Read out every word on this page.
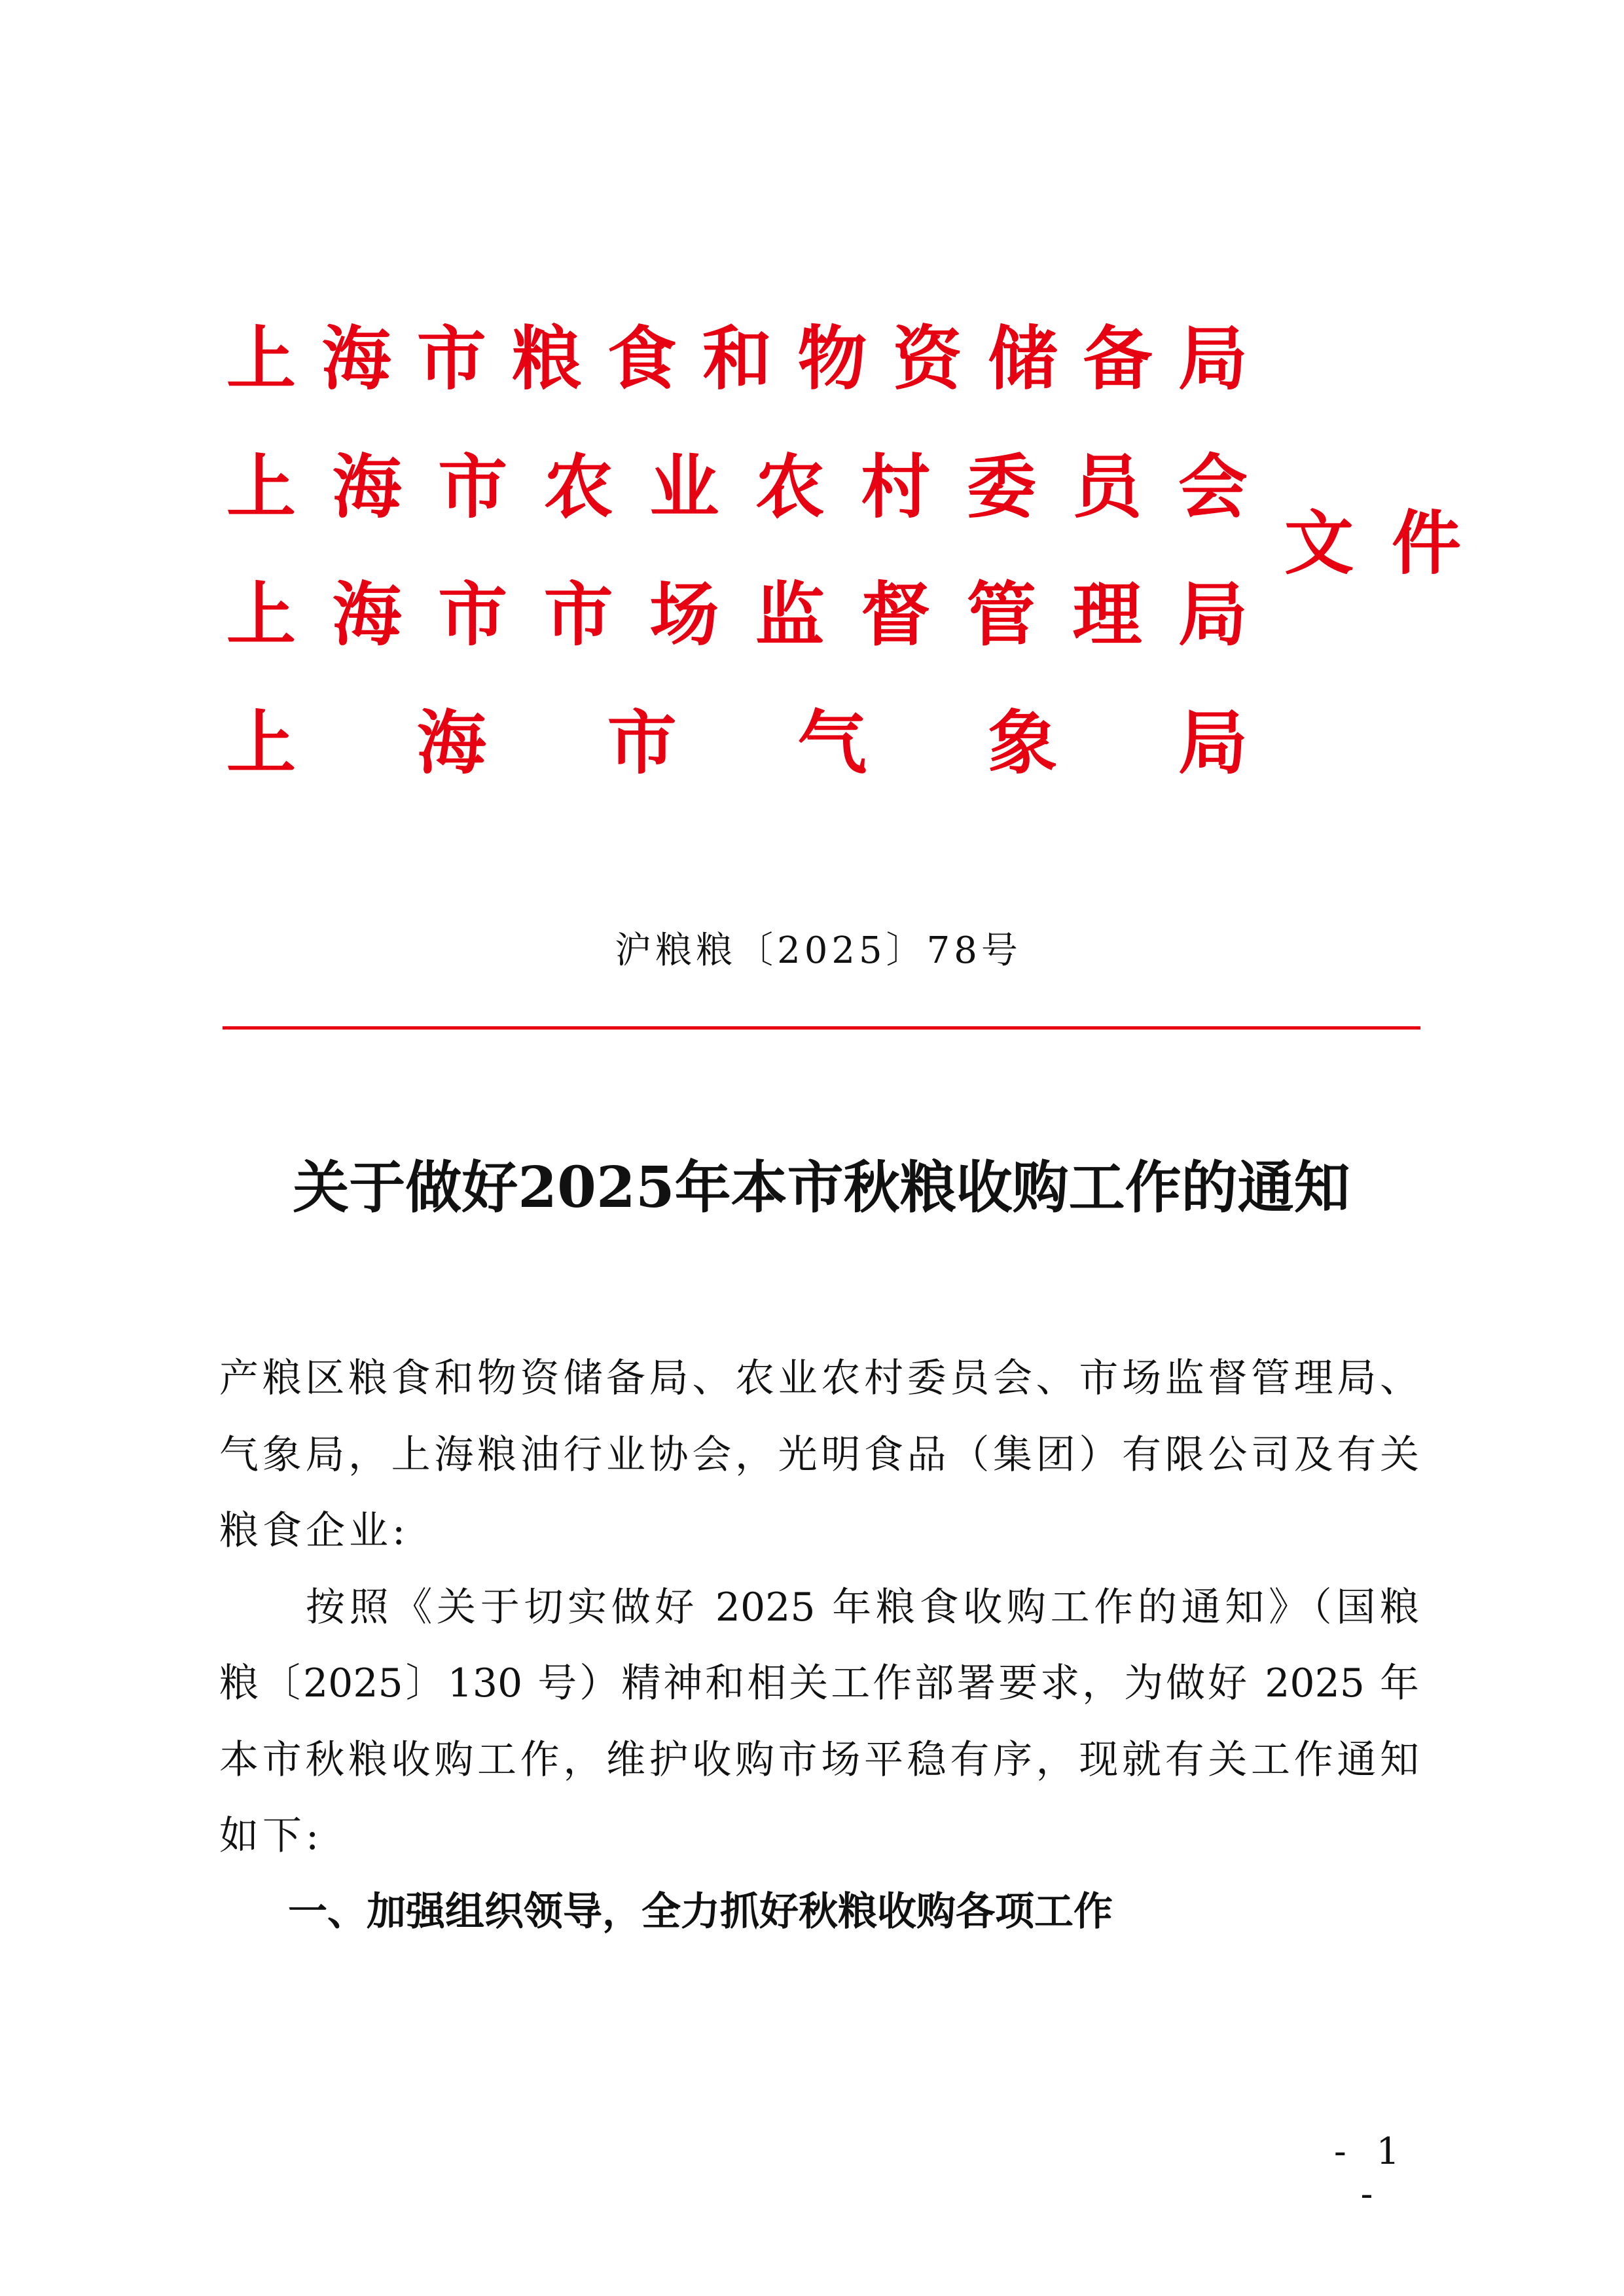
上 海 市 粮 食 和 物 资 储 备 局
上 海 市 农 业 农 村 委 员 会
上 海 市 市 场 监 督 管 理 局
上 海 市 气 象 局
文 件
沪粮粮〔2025〕78号
关于做好2025年本市秋粮收购工作的通知
产粮区粮食和物资储备局、农业农村委员会、市场监督管理局、
气象局，上海粮油行业协会，光明食品（集团）有限公司及有关
粮食企业:
按照《关于切实做好 2025 年粮食收购工作的通知》（国粮
粮〔2025〕130 号）精神和相关工作部署要求，为做好 2025 年
本市秋粮收购工作，维护收购市场平稳有序，现就有关工作通知
如下:
一、加强组织领导，全力抓好秋粮收购各项工作
- 1 -
